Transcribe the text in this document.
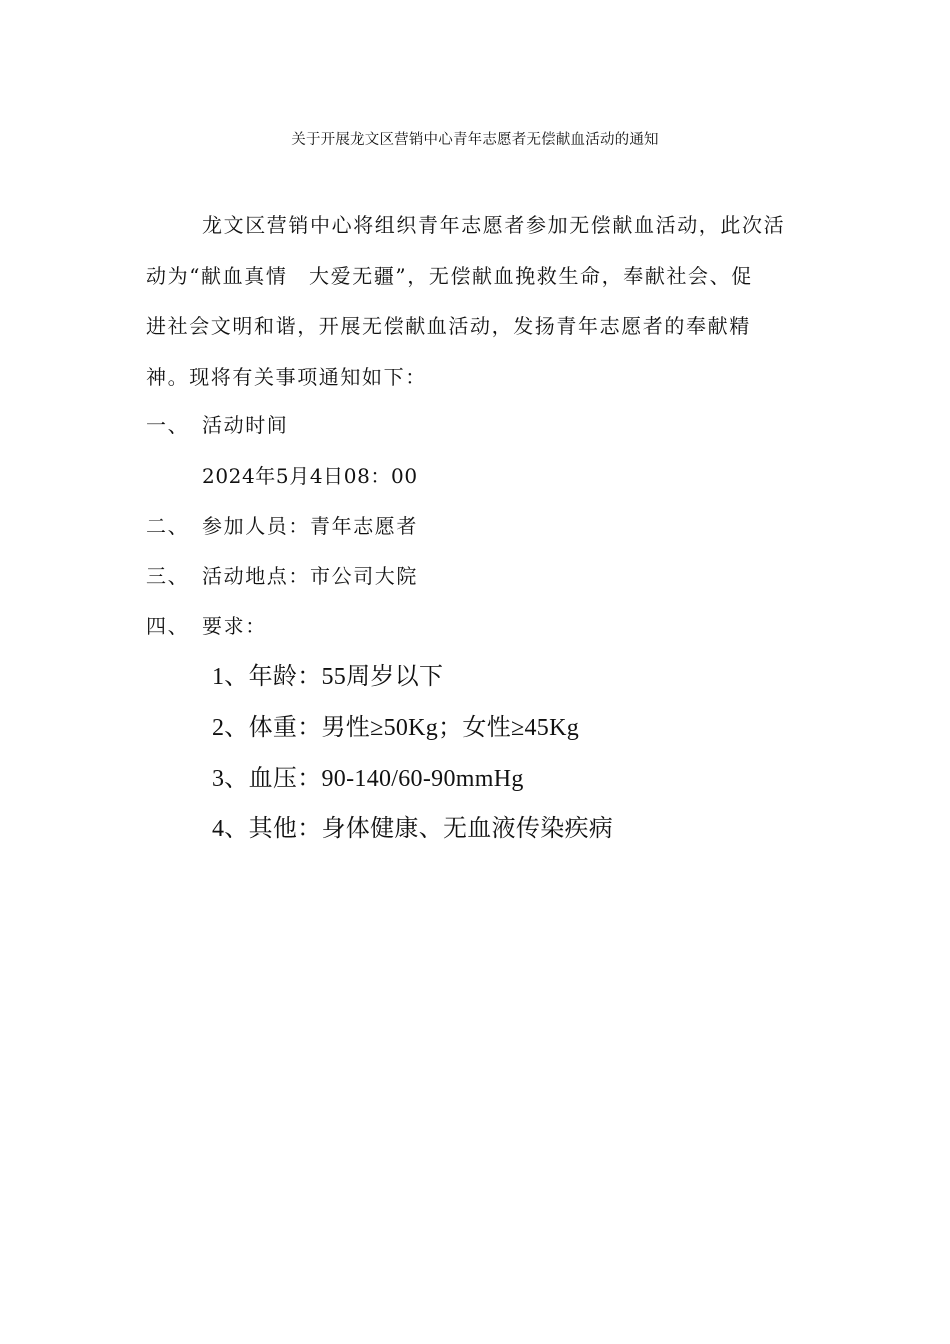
关于开展龙文区营销中心青年志愿者无偿献血活动的通知
龙文区营销中心将组织青年志愿者参加无偿献血活动，此次活
动为“献血真情　大爱无疆”，无偿献血挽救生命，奉献社会、促
进社会文明和谐，开展无偿献血活动，发扬青年志愿者的奉献精
神。现将有关事项通知如下：
一、 活动时间
2024年5月4日08：00
二、 参加人员：青年志愿者
三、 活动地点：市公司大院
四、 要求：
1、年龄：55周岁以下
2、体重：男性≥50Kg；女性≥45Kg
3、血压：90-140/60-90mmHg
4、其他：身体健康、无血液传染疾病
